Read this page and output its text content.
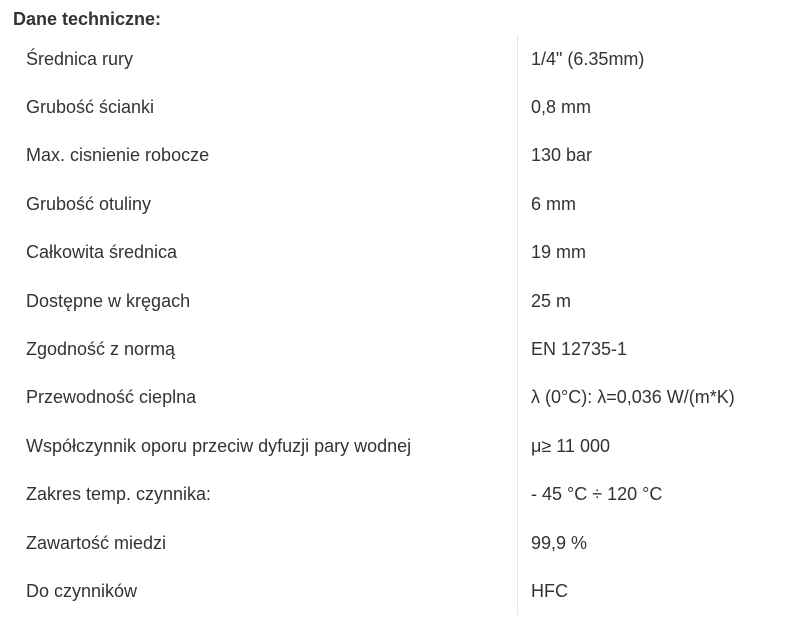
Dane techniczne:
Średnica rury	1/4" (6.35mm)
Grubość ścianki	0,8 mm
Max. cisnienie robocze	130 bar
Grubość otuliny	6 mm
Całkowita średnica	19 mm
Dostępne w kręgach	25 m
Zgodność z normą	EN 12735-1
Przewodność cieplna	λ (0°C): λ=0,036 W/(m*K)
Współczynnik oporu przeciw dyfuzji pary wodnej	μ≥ 11 000
Zakres temp. czynnika:	- 45 °C ÷ 120 °C
Zawartość miedzi	99,9 %
Do czynników	HFC
